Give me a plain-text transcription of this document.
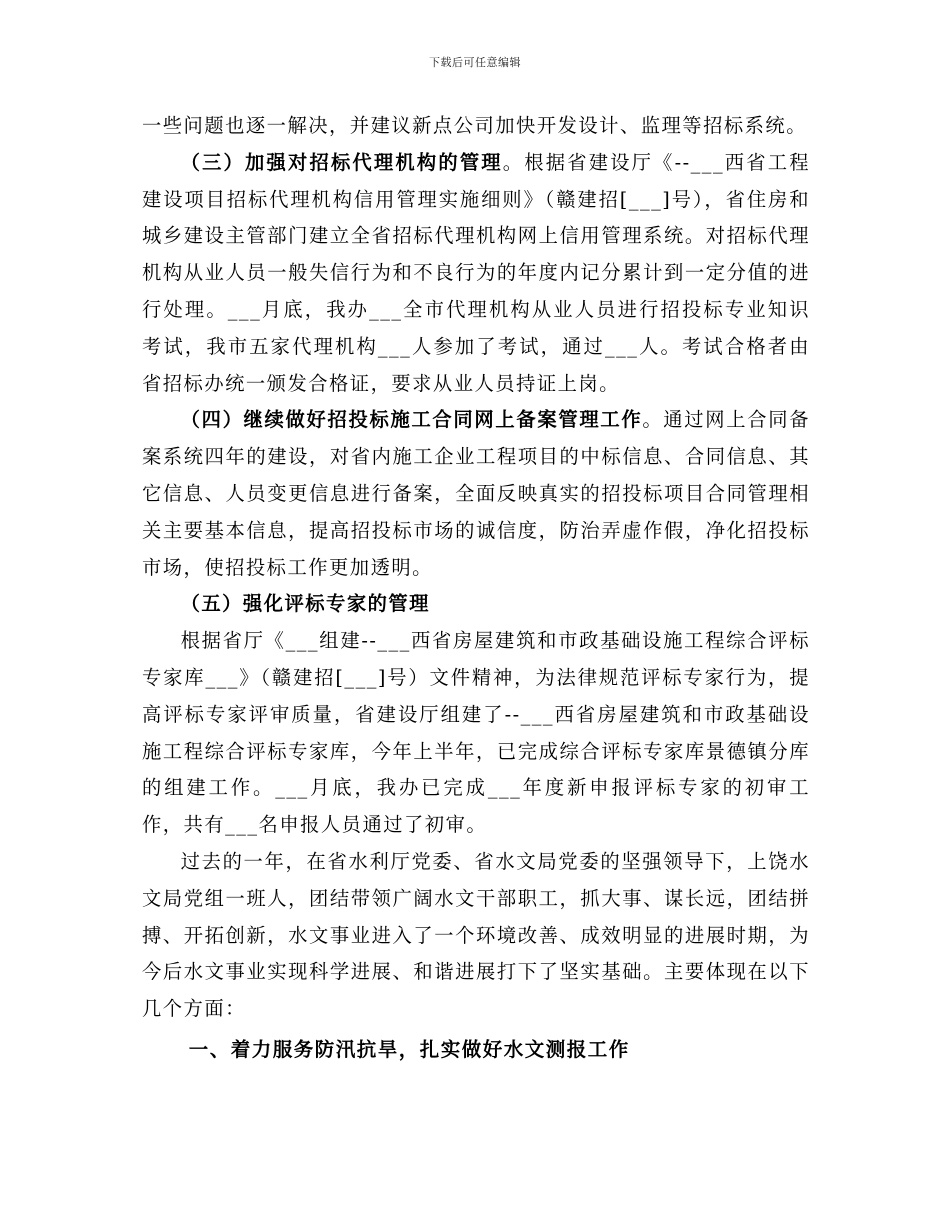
下载后可任意编辑

一些问题也逐一解决，并建议新点公司加快开发设计、监理等招标系统。

（三）加强对招标代理机构的管理。根据省建设厅《--___西省工程建设项目招标代理机构信用管理实施细则》（赣建招[___]号），省住房和城乡建设主管部门建立全省招标代理机构网上信用管理系统。对招标代理机构从业人员一般失信行为和不良行为的年度内记分累计到一定分值的进行处理。___月底，我办___全市代理机构从业人员进行招投标专业知识考试，我市五家代理机构___人参加了考试，通过___人。考试合格者由省招标办统一颁发合格证，要求从业人员持证上岗。

（四）继续做好招投标施工合同网上备案管理工作。通过网上合同备案系统四年的建设，对省内施工企业工程项目的中标信息、合同信息、其它信息、人员变更信息进行备案，全面反映真实的招投标项目合同管理相关主要基本信息，提高招投标市场的诚信度，防治弄虚作假，净化招投标市场，使招投标工作更加透明。

（五）强化评标专家的管理

根据省厅《___组建--___西省房屋建筑和市政基础设施工程综合评标专家库___》（赣建招[___]号）文件精神，为法律规范评标专家行为，提高评标专家评审质量，省建设厅组建了--___西省房屋建筑和市政基础设施工程综合评标专家库，今年上半年，已完成综合评标专家库景德镇分库的组建工作。___月底，我办已完成___年度新申报评标专家的初审工作，共有___名申报人员通过了初审。

过去的一年，在省水利厅党委、省水文局党委的坚强领导下，上饶水文局党组一班人，团结带领广阔水文干部职工，抓大事、谋长远，团结拼搏、开拓创新，水文事业进入了一个环境改善、成效明显的进展时期，为今后水文事业实现科学进展、和谐进展打下了坚实基础。主要体现在以下几个方面：

一、着力服务防汛抗旱，扎实做好水文测报工作
